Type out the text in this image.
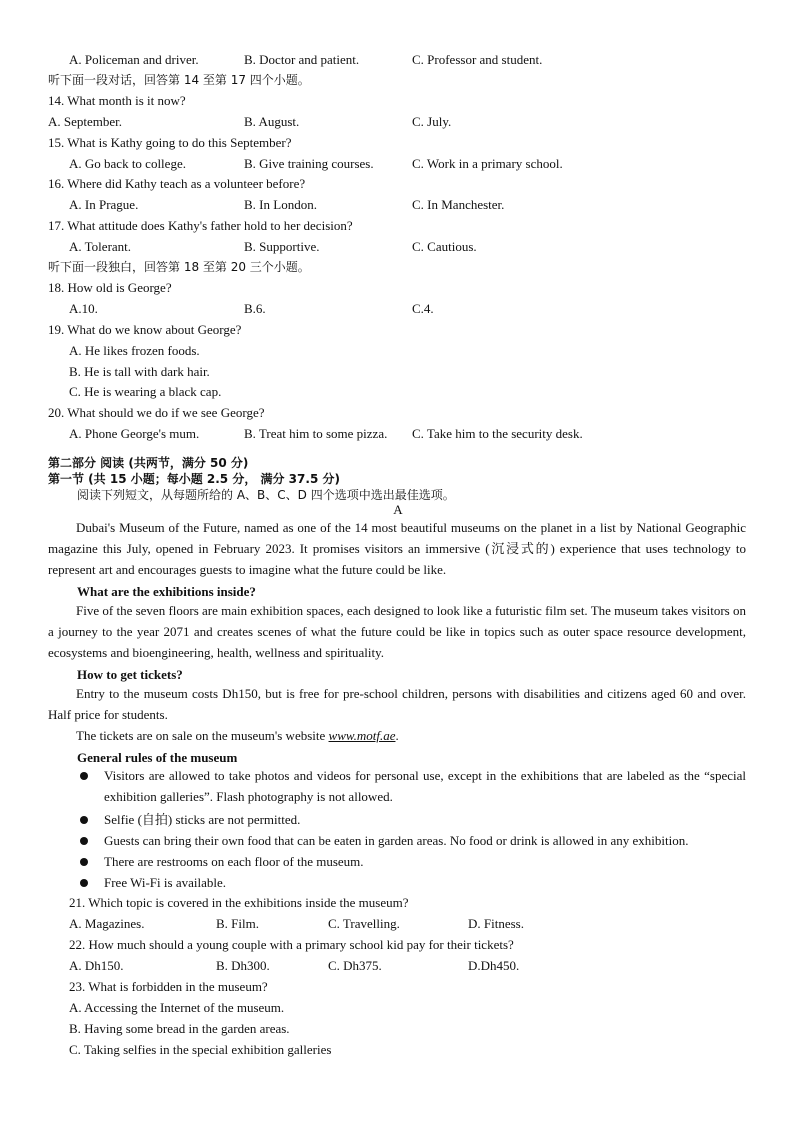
A. Policeman and driver.	B. Doctor and patient.	C. Professor and student.
听下面一段对话，回答第 14 至第 17 四个小题。
14. What month is it now?
A. September.	B. August.	C. July.
15. What is Kathy going to do this September?
A. Go back to college.	B. Give training courses.	C. Work in a primary school.
16. Where did Kathy teach as a volunteer before?
A. In Prague.	B. In London.	C. In Manchester.
17. What attitude does Kathy's father hold to her decision?
A. Tolerant.	B. Supportive.	C. Cautious.
听下面一段独白，回答第 18 至第 20 三个小题。
18. How old is George?
A.10.	B.6.	C.4.
19. What do we know about George?
A. He likes frozen foods.
B. He is tall with dark hair.
C. He is wearing a black cap.
20. What should we do if we see George?
A. Phone George's mum.	B. Treat him to some pizza. C. Take him to the security desk.
第二部分 阅读 (共两节，满分 50 分)
第一节 (共 15 小题；每小题 2.5 分， 满分 37.5 分)
阅读下列短文，从每题所给的 A、B、C、D 四个选项中选出最佳选项。
A
Dubai's Museum of the Future, named as one of the 14 most beautiful museums on the planet in a list by National Geographic magazine this July, opened in February 2023. It promises visitors an immersive (沉浸式的) experience that uses technology to represent art and encourages guests to imagine what the future could be like.
What are the exhibitions inside?
Five of the seven floors are main exhibition spaces, each designed to look like a futuristic film set. The museum takes visitors on a journey to the year 2071 and creates scenes of what the future could be like in topics such as outer space resource development, ecosystems and bioengineering, health, wellness and spirituality.
How to get tickets?
Entry to the museum costs Dh150, but is free for pre-school children, persons with disabilities and citizens aged 60 and over. Half price for students.
The tickets are on sale on the museum's website www.motf.ae.
General rules of the museum
Visitors are allowed to take photos and videos for personal use, except in the exhibitions that are labeled as the “special exhibition galleries”. Flash photography is not allowed.
Selfie (自拍) sticks are not permitted.
Guests can bring their own food that can be eaten in garden areas. No food or drink is allowed in any exhibition.
There are restrooms on each floor of the museum.
Free Wi-Fi is available.
21. Which topic is covered in the exhibitions inside the museum?
A. Magazines.	B. Film.	C. Travelling.	D. Fitness.
22. How much should a young couple with a primary school kid pay for their tickets?
A. Dh150.	B. Dh300.	C. Dh375.	D.Dh450.
23. What is forbidden in the museum?
A. Accessing the Internet of the museum.
B. Having some bread in the garden areas.
C. Taking selfies in the special exhibition galleries
